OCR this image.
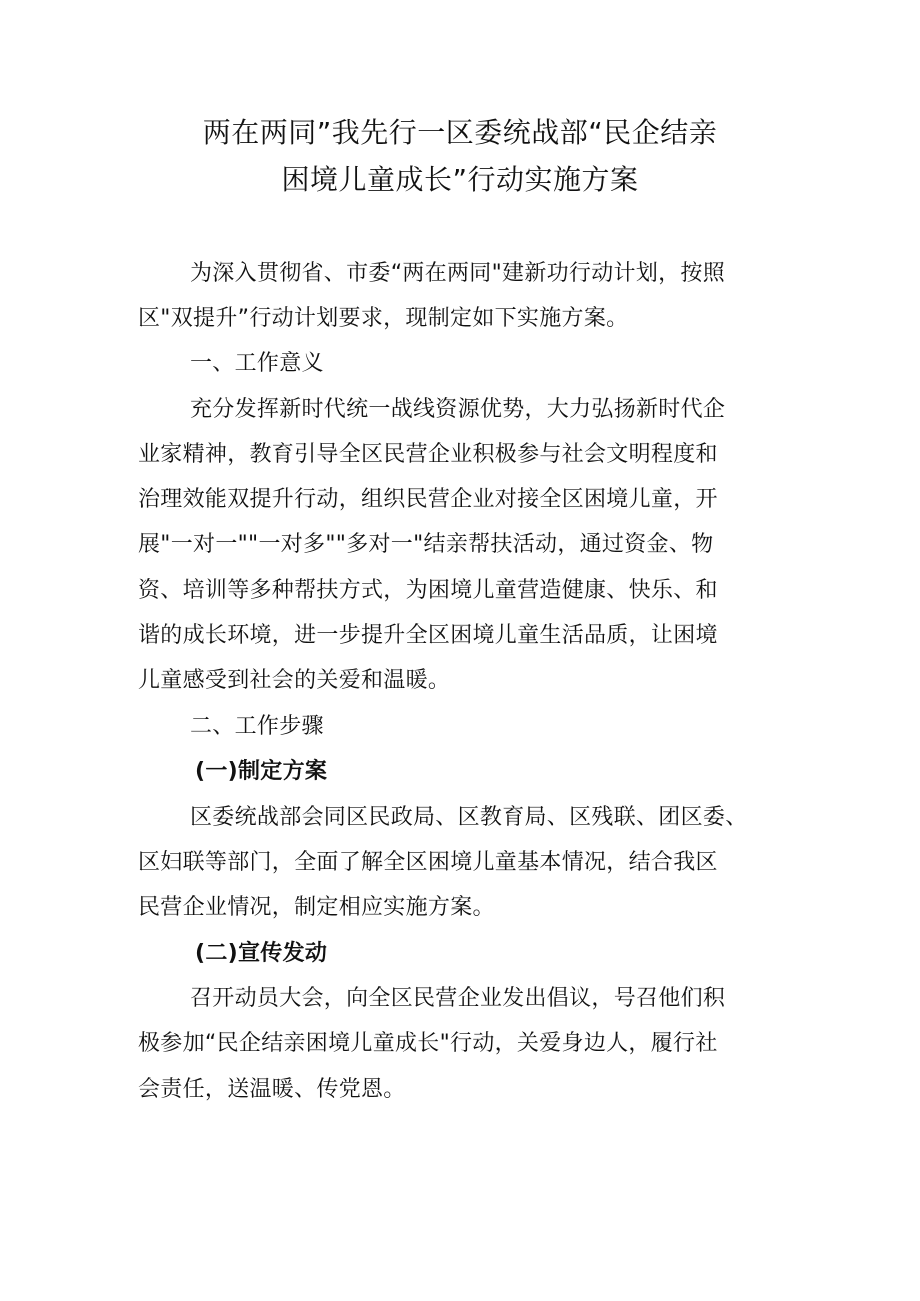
两在两同”我先行一区委统战部“民企结亲
困境儿童成长”行动实施方案
为深入贯彻省、市委“两在两同"建新功行动计划，按照
区"双提升”行动计划要求，现制定如下实施方案。
一、工作意义
充分发挥新时代统一战线资源优势，大力弘扬新时代企
业家精神，教育引导全区民营企业积极参与社会文明程度和
治理效能双提升行动，组织民营企业对接全区困境儿童，开
展"一对一""一对多""多对一"结亲帮扶活动，通过资金、物
资、培训等多种帮扶方式，为困境儿童营造健康、快乐、和
谐的成长环境，进一步提升全区困境儿童生活品质，让困境
儿童感受到社会的关爱和温暖。
二、工作步骤
(一)制定方案
区委统战部会同区民政局、区教育局、区残联、团区委、
区妇联等部门，全面了解全区困境儿童基本情况，结合我区
民营企业情况，制定相应实施方案。
(二)宣传发动
召开动员大会，向全区民营企业发出倡议，号召他们积
极参加“民企结亲困境儿童成长"行动，关爱身边人，履行社
会责任，送温暖、传党恩。
